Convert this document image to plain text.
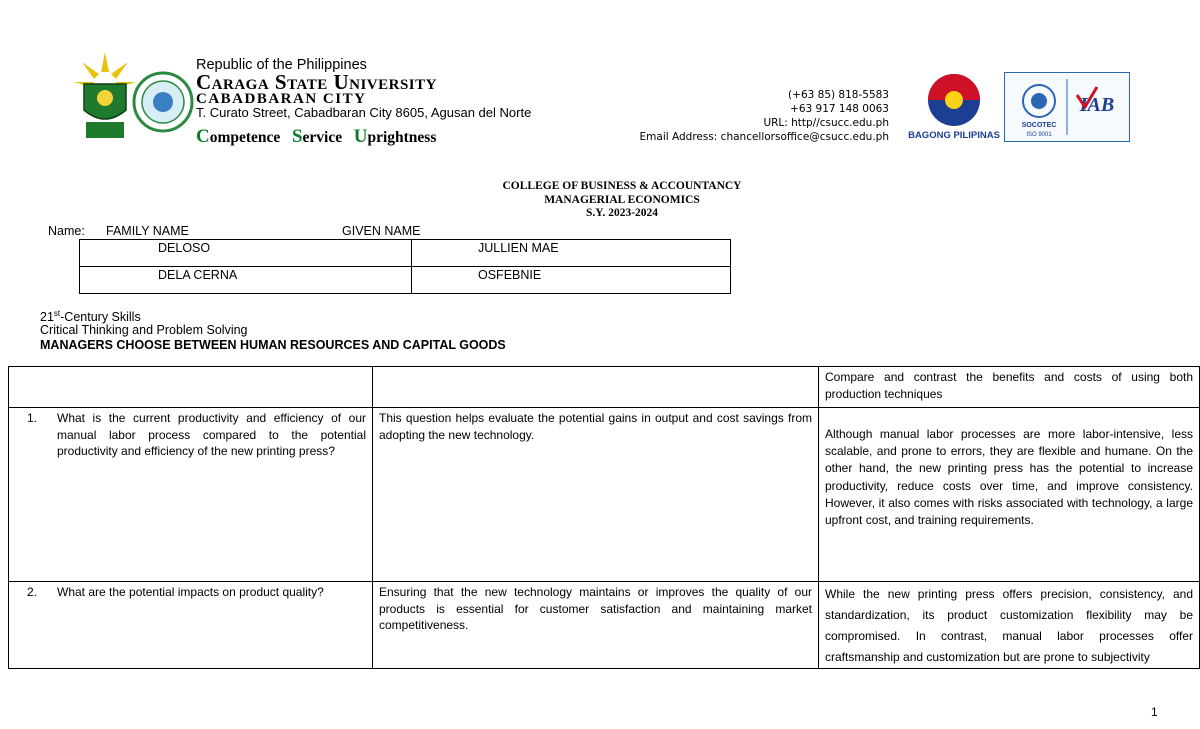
Republic of the Philippines
Caraga State University
CABADBARAN CITY
T. Curato Street, Cabadbaran City 8605, Agusan del Norte
Competence Service Uprightness
(+63 85) 818-5583
+63 917 148 0063
URL: http//csucc.edu.ph
Email Address: chancellorsoffice@csucc.edu.ph BAGONG PILIPINAS
SOCOTEC
ISO 9001
IAB
COLLEGE OF BUSINESS & ACCOUNTANCY
MANAGERIAL ECONOMICS
S.Y. 2023-2024
Name: FAMILY NAME	GIVEN NAME
DELOSO	JULLIEN MAE
DELA CERNA	OSFEBNIE
21st-Century Skills
Critical Thinking and Problem Solving
MANAGERS CHOOSE BETWEEN HUMAN RESOURCES AND CAPITAL GOODS
		Compare and contrast the benefits and costs of using both production techniques

1. What is the current productivity and efficiency of our manual labor process compared to the potential productivity and efficiency of the new printing press?	This question helps evaluate the potential gains in output and cost savings from adopting the new technology.	Although manual labor processes are more labor-intensive, less scalable, and prone to errors, they are flexible and humane. On the other hand, the new printing press has the potential to increase productivity, reduce costs over time, and improve consistency. However, it also comes with risks associated with technology, a large upfront cost, and training requirements.

2. What are the potential impacts on product quality?	Ensuring that the new technology maintains or improves the quality of our products is essential for customer satisfaction and maintaining market competitiveness.	While the new printing press offers precision, consistency, and standardization, its product customization flexibility may be compromised. In contrast, manual labor processes offer craftsmanship and customization but are prone to subjectivity
1
